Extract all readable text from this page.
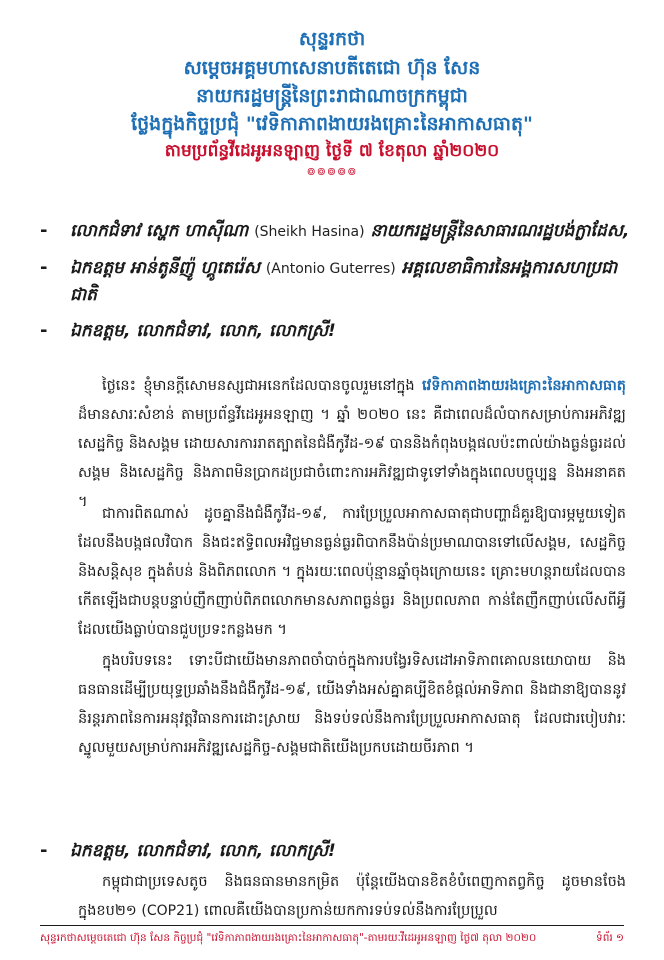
សុន្ទរកថា
សម្ដេចអគ្គមហាសេនាបតីតេជោ ហ៊ុន សែន
នាយករដ្ឋមន្ត្រីនៃព្រះរាជាណាចក្រកម្ពុជា
ថ្លែងក្នុងកិច្ចប្រជុំ "វេទិកាភាពងាយរងគ្រោះនៃអាកាសធាតុ"
តាមប្រព័ន្ធវីដេអូអនឡាញ ថ្ងៃទី ៧ ខែតុលា ឆ្នាំ២០២០
៙៙៙៙៙
-	លោកជំទាវ ស្ហេក ហាស៊ីណា (Sheikh Hasina) នាយករដ្ឋមន្ត្រីនៃសាធារណរដ្ឋបង់ក្លាដែស,
-	ឯកឧត្តម អាន់តូនីញ៉ូ ហ្គូតេរ៉េស (Antonio Guterres) អគ្គលេខាធិការនៃអង្គការសហប្រជាជាតិ
-	ឯកឧត្តម, លោកជំទាវ, លោក, លោកស្រី!

ថ្ងៃនេះ ខ្ញុំមានក្ដីសោមនស្សជាអនេកដែលបានចូលរួមនៅក្នុង វេទិកាភាពងាយរងគ្រោះនៃអាកាសធាតុ ដ៏មានសារៈសំខាន់ តាមប្រព័ន្ធវីដេអូអនឡាញ ។ ឆ្នាំ ២០២០ នេះ គឺជាពេលដ៏លំបាកសម្រាប់ការអភិវឌ្ឍសេដ្ឋកិច្ច និងសង្គម ដោយសារការរាតត្បាតនៃជំងឺកូវីដ-១៩ បាននិងកំពុងបង្កផលប៉ះពាល់យ៉ាងធ្ងន់ធ្ងរដល់សង្គម និងសេដ្ឋកិច្ច និងភាពមិនប្រាកដប្រជាចំពោះការអភិវឌ្ឍជាទូទៅទាំងក្នុងពេលបច្ចុប្បន្ន និងអនាគត ។

-	ឯកឧត្តម, លោកជំទាវ, លោក, លោកស្រី!
សុន្ទរកថាសម្ដេចតេជោ ហ៊ុន សែន កិច្ចប្រជុំ "វេទិកាភាពងាយរងគ្រោះនៃអាកាសធាតុ"-តាមរយៈវីដេអូអនឡាញ ថ្ងៃ៧ តុលា ២០២០	ទំព័រ ១

ជាការពិតណាស់ ដូចគ្នានឹងជំងឺកូវីដ-១៩, ការប្រែប្រួលអាកាសធាតុជាបញ្ហាដ៏គួរឱ្យបារម្ភមួយទៀត ដែលនឹងបង្កផលវិបាក និងជះឥទ្ធិពលអវិជ្ជមានធ្ងន់ធ្ងរពិបាកនឹងប៉ាន់ប្រមាណបានទៅលើសង្គម, សេដ្ឋកិច្ច និងសន្តិសុខ ក្នុងតំបន់ និងពិភពលោក ។ ក្នុងរយៈពេលប៉ុន្មានឆ្នាំចុងក្រោយនេះ គ្រោះមហន្តរាយដែលបានកើតឡើងជាបន្តបន្ទាប់ញឹកញាប់ពិភពលោកមានសភាពធ្ងន់ធ្ងរ និងប្រពលភាព កាន់តែញឹកញាប់លើសពីអ្វីដែលយើងធ្លាប់បានជួបប្រទះកន្លងមក ។

ក្នុងបរិបទនេះ ទោះបីជាយើងមានភាពចាំបាច់ក្នុងការបង្វែរទិសដៅអាទិភាពគោលនយោបាយ និងធនធានដើម្បីប្រយុទ្ធប្រឆាំងនឹងជំងឺកូវីដ-១៩, យើងទាំងអស់គ្នាគប្បីខិតខំផ្ដល់អាទិភាព និងជានាឱ្យបាននូវនិរន្តរភាពនៃការអនុវត្តវិធានការដោះស្រាយ និងទប់ទល់នឹងការប្រែប្រួលអាកាសធាតុ ដែលជារបៀបវារៈស្នូលមួយសម្រាប់ការអភិវឌ្ឍសេដ្ឋកិច្ច-សង្គមជាតិយើងប្រកបដោយចីរភាព ។

កម្ពុជាជាប្រទេសតូច និងធនធានមានកម្រិត ប៉ុន្តែយើងបានខិតខំបំពេញកាតព្វកិច្ច ដូចមានចែងក្នុងខប២១ (COP21) ពោលគឺយើងបានប្រកាន់យកការទប់ទល់នឹងការប្រែប្រួល
